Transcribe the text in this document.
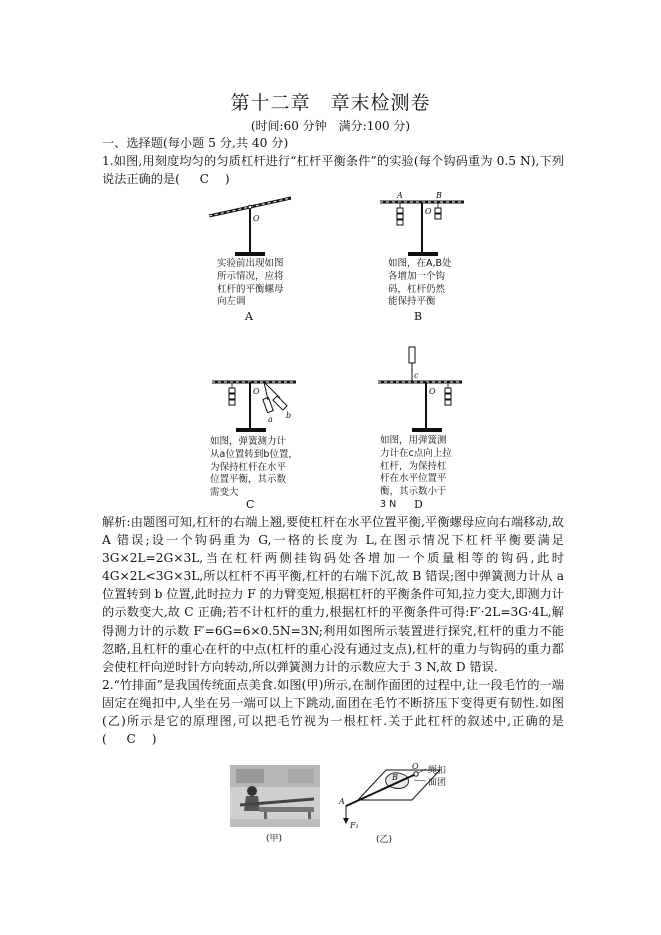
第十二章　章末检测卷
(时间:60 分钟　满分:100 分)

一、选择题(每小题 5 分,共 40 分)

1.如图,用刻度均匀的匀质杠杆进行“杠杆平衡条件”的实验(每个钩码重为 0.5 N),下列说法正确的是( C )

O
实验前出现如图
所示情况，应将
杠杆的平衡螺母
向左调
A
A
O
B
如图，在A,B处
各增加一个钩
码，杠杆仍然
能保持平衡
B
O
a b
如图，弹簧测力计
从a位置转到b位置，
为保持杠杆在水平
位置平衡，其示数
需变大
C
c
O
如图，用弹簧测
力计在c点向上拉
杠杆，为保持杠
杆在水平位置平
衡，其示数小于
3 N	D

解析:由题图可知,杠杆的右端上翘,要使杠杆在水平位置平衡,平衡螺母应向右端移动,故 A 错误;设一个钩码重为 G,一格的长度为 L,在图示情况下杠杆平衡要满足 3G×2L=2G×3L,当在杠杆两侧挂钩码处各增加一个质量相等的钩码,此时 4G×2L<3G×3L,所以杠杆不再平衡,杠杆的右端下沉,故 B 错误;图中弹簧测力计从 a 位置转到 b 位置,此时拉力 F 的力臂变短,根据杠杆的平衡条件可知,拉力变大,即测力计的示数变大,故 C 正确;若不计杠杆的重力,根据杠杆的平衡条件可得:F′·2L=3G·4L,解得测力计的示数 F′=6G=6×0.5N=3N;利用如图所示装置进行探究,杠杆的重力不能忽略,且杠杆的重心在杆的中点(杠杆的重心没有通过支点),杠杆的重力与钩码的重力都会使杠杆向逆时针方向转动,所以弹簧测力计的示数应大于 3 N,故 D 错误.

2.“竹排面”是我国传统面点美食.如图(甲)所示,在制作面团的过程中,让一段毛竹的一端固定在绳扣中,人坐在另一端可以上下跳动,面团在毛竹不断挤压下变得更有韧性.如图(乙)所示是它的原理图,可以把毛竹视为一根杠杆.关于此杠杆的叙述中,正确的是( C )

(甲)
A
O
B
F₁
绳扣
面团
(乙)
